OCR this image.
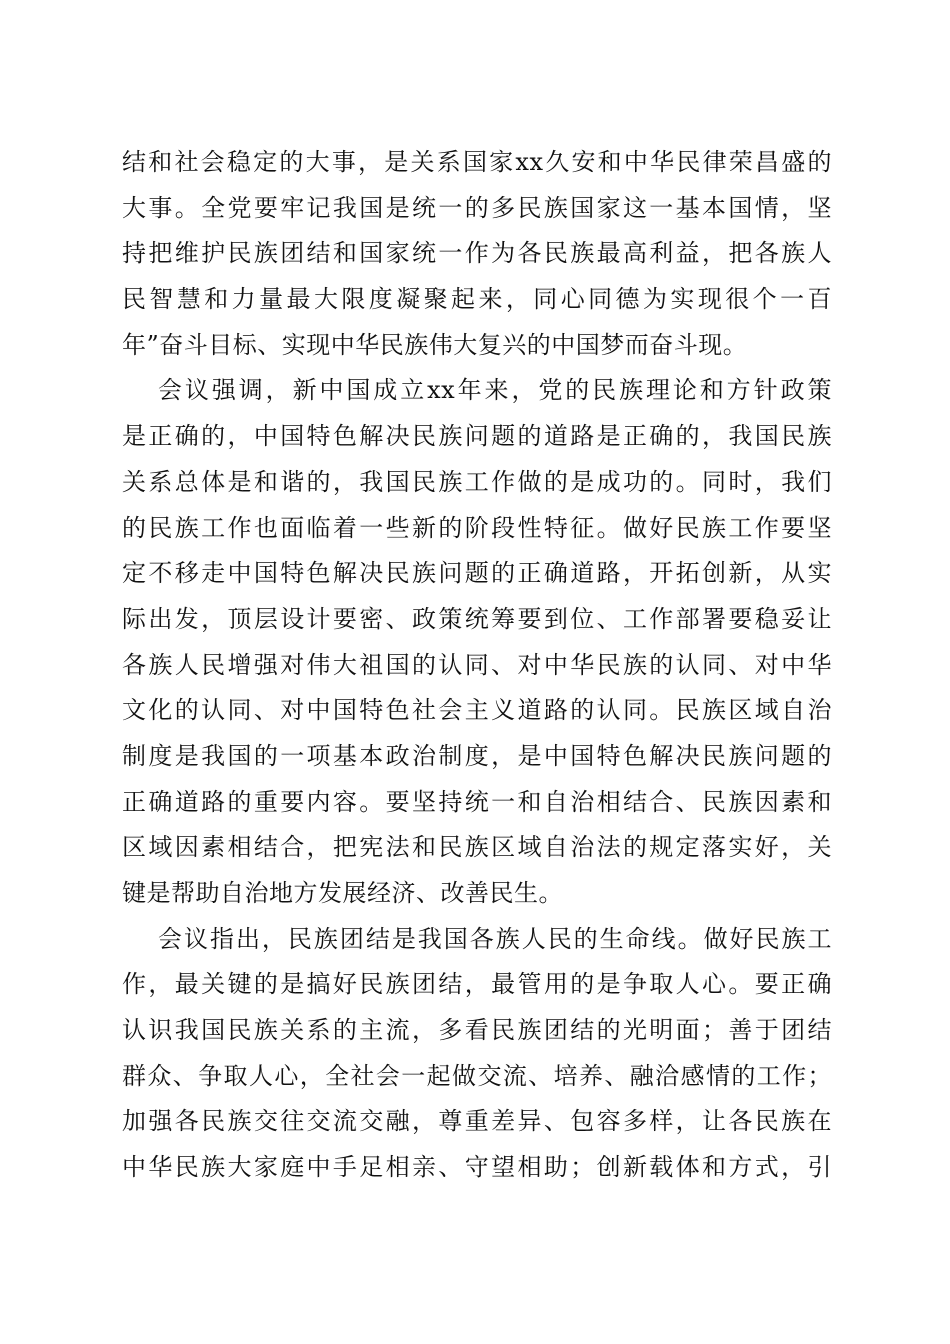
结和社会稳定的大事，是关系国家xx久安和中华民律荣昌盛的
大事。全党要牢记我国是统一的多民族国家这一基本国情，坚
持把维护民族团结和国家统一作为各民族最高利益，把各族人
民智慧和力量最大限度凝聚起来，同心同德为实现很个一百
年”奋斗目标、实现中华民族伟大复兴的中国梦而奋斗现。
会议强调，新中国成立xx年来，党的民族理论和方针政策
是正确的，中国特色解决民族问题的道路是正确的，我国民族
关系总体是和谐的，我国民族工作做的是成功的。同时，我们
的民族工作也面临着一些新的阶段性特征。做好民族工作要坚
定不移走中国特色解决民族问题的正确道路，开拓创新，从实
际出发，顶层设计要密、政策统筹要到位、工作部署要稳妥让
各族人民增强对伟大祖国的认同、对中华民族的认同、对中华
文化的认同、对中国特色社会主义道路的认同。民族区域自治
制度是我国的一项基本政治制度，是中国特色解决民族问题的
正确道路的重要内容。要坚持统一和自治相结合、民族因素和
区域因素相结合，把宪法和民族区域自治法的规定落实好，关
键是帮助自治地方发展经济、改善民生。
会议指出，民族团结是我国各族人民的生命线。做好民族工
作，最关键的是搞好民族团结，最管用的是争取人心。要正确
认识我国民族关系的主流，多看民族团结的光明面；善于团结
群众、争取人心，全社会一起做交流、培养、融洽感情的工作；
加强各民族交往交流交融，尊重差异、包容多样，让各民族在
中华民族大家庭中手足相亲、守望相助；创新载体和方式，引
